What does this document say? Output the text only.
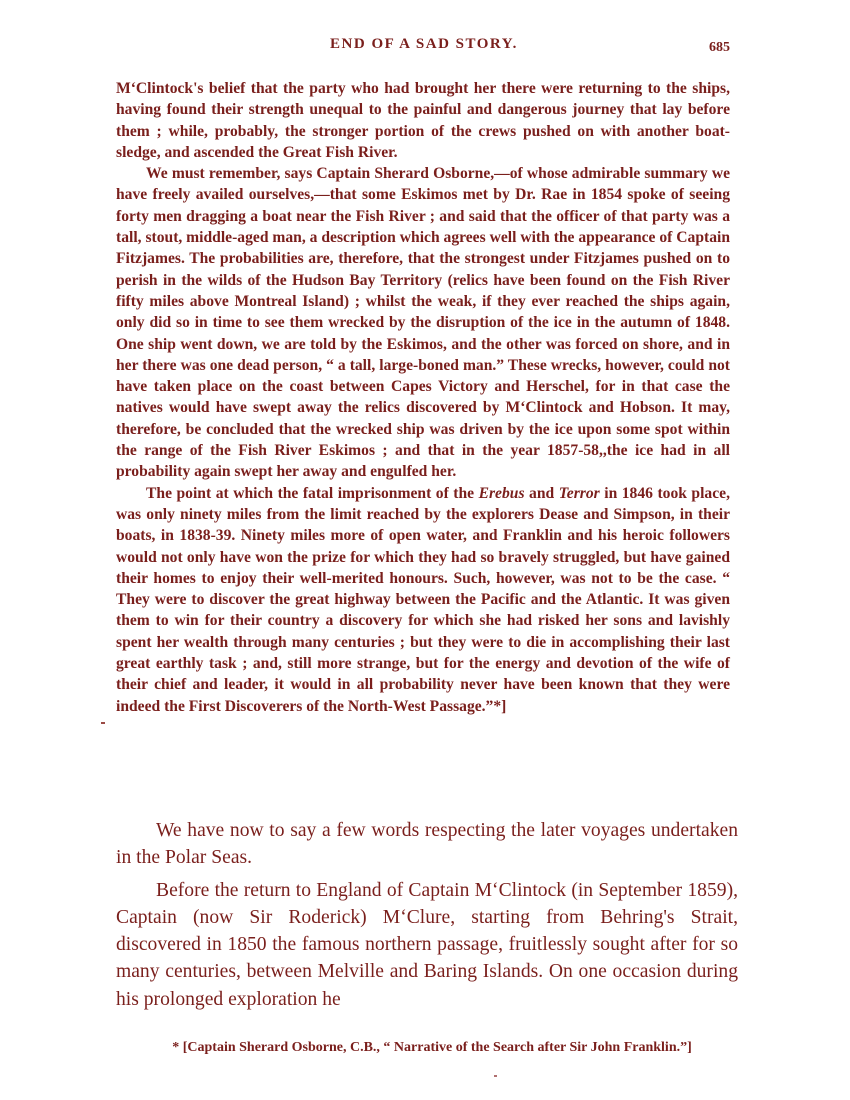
END OF A SAD STORY.	685

M‘Clintock's belief that the party who had brought her there were returning to the ships, having found their strength unequal to the painful and dangerous journey that lay before them ; while, probably, the stronger portion of the crews pushed on with another boat-sledge, and ascended the Great Fish River.

We must remember, says Captain Sherard Osborne,—of whose admirable summary we have freely availed ourselves,—that some Eskimos met by Dr. Rae in 1854 spoke of seeing forty men dragging a boat near the Fish River ; and said that the officer of that party was a tall, stout, middle-aged man, a description which agrees well with the appearance of Captain Fitzjames. The probabilities are, therefore, that the strongest under Fitzjames pushed on to perish in the wilds of the Hudson Bay Territory (relics have been found on the Fish River fifty miles above Montreal Island) ; whilst the weak, if they ever reached the ships again, only did so in time to see them wrecked by the disruption of the ice in the autumn of 1848. One ship went down, we are told by the Eskimos, and the other was forced on shore, and in her there was one dead person, “ a tall, large-boned man.” These wrecks, however, could not have taken place on the coast between Capes Victory and Herschel, for in that case the natives would have swept away the relics discovered by M‘Clintock and Hobson. It may, therefore, be concluded that the wrecked ship was driven by the ice upon some spot within the range of the Fish River Eskimos ; and that in the year 1857-58,,the ice had in all probability again swept her away and engulfed her.

The point at which the fatal imprisonment of the Erebus and Terror in 1846 took place, was only ninety miles from the limit reached by the explorers Dease and Simpson, in their boats, in 1838-39. Ninety miles more of open water, and Franklin and his heroic followers would not only have won the prize for which they had so bravely struggled, but have gained their homes to enjoy their well-merited honours. Such, however, was not to be the case. “ They were to discover the great highway between the Pacific and the Atlantic. It was given them to win for their country a discovery for which she had risked her sons and lavishly spent her wealth through many centuries ; but they were to die in accomplishing their last great earthly task ; and, still more strange, but for the energy and devotion of the wife of their chief and leader, it would in all probability never have been known that they were indeed the First Discoverers of the North-West Passage.”*]

We have now to say a few words respecting the later voyages undertaken in the Polar Seas.

Before the return to England of Captain M‘Clintock (in September 1859), Captain (now Sir Roderick) M‘Clure, starting from Behring's Strait, discovered in 1850 the famous northern passage, fruitlessly sought after for so many centuries, between Melville and Baring Islands. On one occasion during his prolonged exploration he

* [Captain Sherard Osborne, C.B., “ Narrative of the Search after Sir John Franklin.”]
